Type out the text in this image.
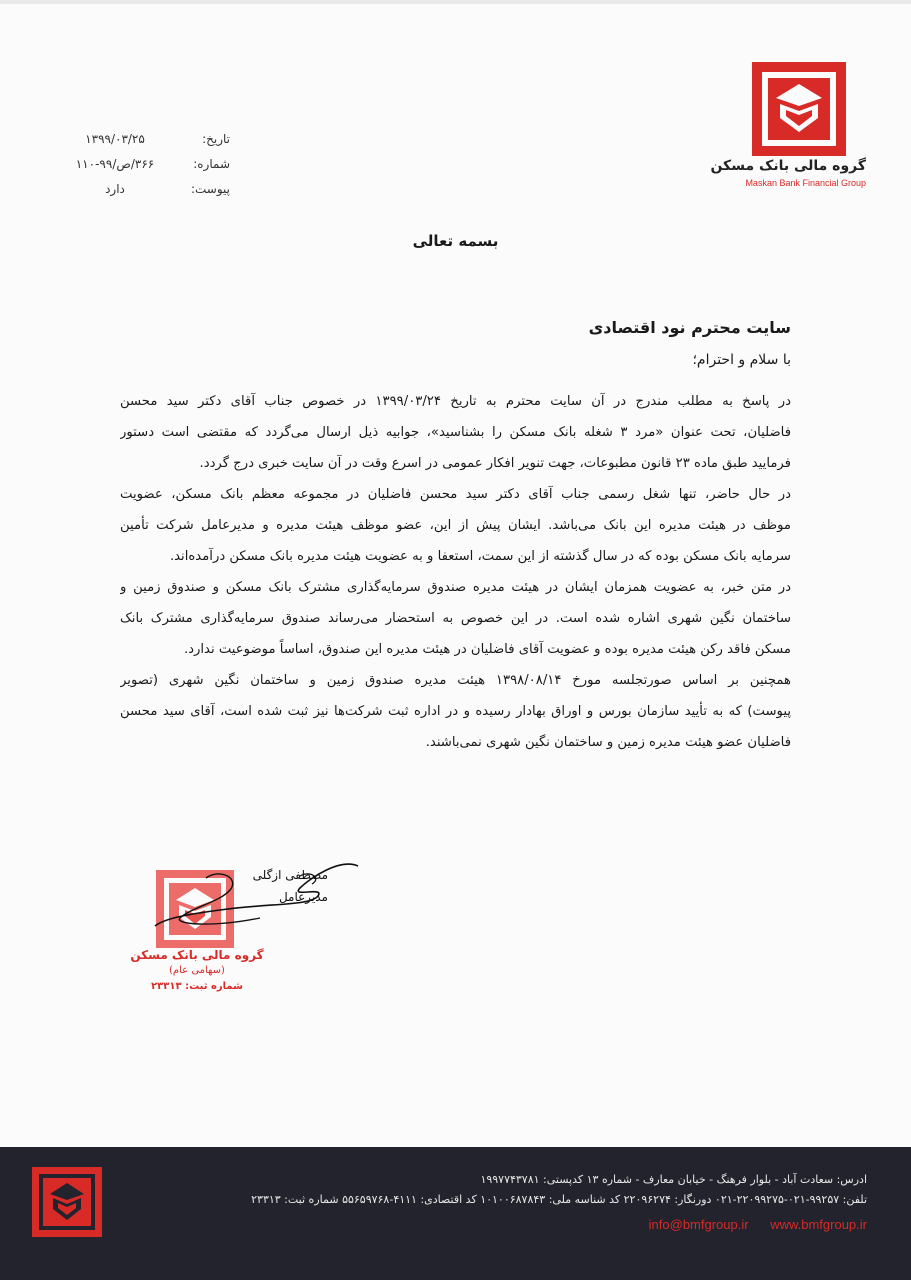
گروه مالی بانک مسکن
Maskan Bank Financial Group
۱۳۹۹/۰۳/۲۵	تاریخ:
۳۶۶/ص/۹۹-۱۱۰	شماره:
دارد	پیوست:
بسمه تعالی
سایت محترم نود اقتصادی
با سلام و احترام؛
در پاسخ به مطلب مندرج در آن سایت محترم به تاریخ ۱۳۹۹/۰۳/۲۴ در خصوص جناب آقای دکتر سید محسن
فاضلیان، تحت عنوان «مرد ۳ شغله بانک مسکن را بشناسید»، جوابیه ذیل ارسال می‌گردد که مقتضی است دستور
فرمایید طبق ماده ۲۳ قانون مطبوعات، جهت تنویر افکار عمومی در اسرع وقت در آن سایت خبری درج گردد.
در حال حاضر، تنها شغل رسمی جناب آقای دکتر سید محسن فاضلیان در مجموعه معظم بانک مسکن، عضویت
موظف در هیئت مدیره این بانک می‌باشد. ایشان پیش از این، عضو موظف هیئت مدیره و مدیرعامل شرکت تأمین
سرمایه بانک مسکن بوده که در سال گذشته از این سمت، استعفا و به عضویت هیئت مدیره بانک مسکن درآمده‌اند.
در متن خبر، به عضویت همزمان ایشان در هیئت مدیره صندوق سرمایه‌گذاری مشترک بانک مسکن و صندوق زمین و
ساختمان نگین شهری اشاره شده است. در این خصوص به استحضار می‌رساند صندوق سرمایه‌گذاری مشترک بانک
مسکن فاقد رکن هیئت مدیره بوده و عضویت آقای فاضلیان در هیئت مدیره این صندوق، اساساً موضوعیت ندارد.
همچنین بر اساس صورتجلسه مورخ ۱۳۹۸/۰۸/۱۴ هیئت مدیره صندوق زمین و ساختمان نگین شهری (تصویر
پیوست) که به تأیید سازمان بورس و اوراق بهادار رسیده و در اداره ثبت شرکت‌ها نیز ثبت شده است، آقای سید محسن
فاضلیان عضو هیئت مدیره زمین و ساختمان نگین شهری نمی‌باشند.
گروه مالی بانک مسکن
(سهامی عام)
شماره ثبت: ۲۳۳۱۳
مصطفی ازگلی
مدیرعامل
ادرس: سعادت آباد - بلوار فرهنگ - خیابان معارف - شماره ۱۳ کدپستی: ۱۹۹۷۷۴۳۷۸۱
تلفن: ۹۹۲۵۷-۰۲۱-۲۲۰۹۹۲۷۵-۰۲۱ دورنگار: ۲۲۰۹۶۲۷۴ کد شناسه ملی: ۱۰۱۰۰۶۸۷۸۴۳ کد اقتصادی: ۴۱۱۱-۵۵۶۵۹۷۶۸ شماره ثبت: ۲۳۳۱۳
info@bmfgroup.ir www.bmfgroup.ir
